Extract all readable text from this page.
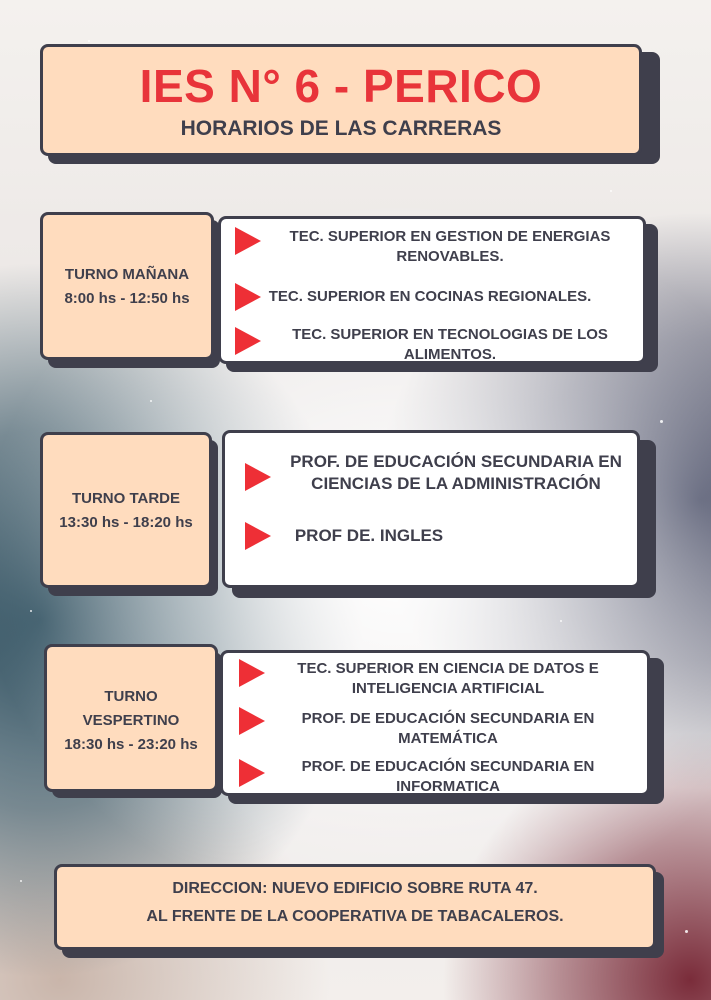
IES N° 6 - PERICO
HORARIOS DE LAS CARRERAS
TEC. SUPERIOR EN GESTION DE ENERGIAS RENOVABLES.
TEC. SUPERIOR EN COCINAS REGIONALES.
TEC. SUPERIOR EN TECNOLOGIAS DE LOS ALIMENTOS.
TURNO MAÑANA
8:00 hs - 12:50 hs
PROF. DE EDUCACIÓN SECUNDARIA EN CIENCIAS DE LA ADMINISTRACIÓN
PROF DE. INGLES
TURNO TARDE
13:30 hs - 18:20 hs
TEC. SUPERIOR EN CIENCIA DE DATOS E INTELIGENCIA ARTIFICIAL
PROF. DE EDUCACIÓN SECUNDARIA EN MATEMÁTICA
PROF. DE EDUCACIÓN SECUNDARIA EN INFORMATICA
TURNO
VESPERTINO
18:30 hs - 23:20 hs
DIRECCION: NUEVO EDIFICIO SOBRE RUTA 47.
AL FRENTE DE LA COOPERATIVA DE TABACALEROS.
